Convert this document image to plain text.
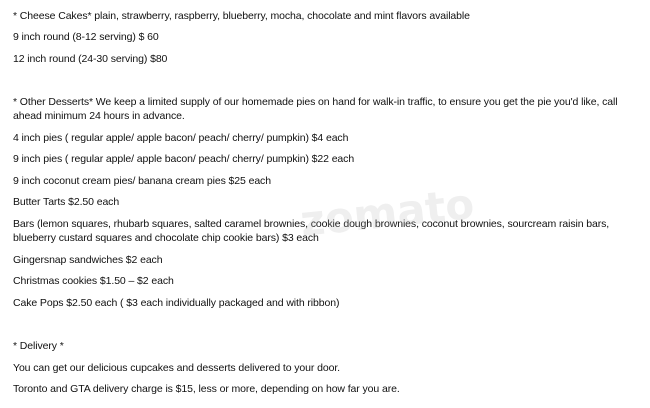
* Cheese Cakes* plain, strawberry, raspberry, blueberry, mocha, chocolate and mint flavors available
9 inch round (8-12 serving) $ 60
12 inch round (24-30 serving) $80
* Other Desserts* We keep a limited supply of our homemade pies on hand for walk-in traffic, to ensure you get the pie you'd like, call ahead minimum 24 hours in advance.
4 inch pies ( regular apple/ apple bacon/ peach/ cherry/ pumpkin) $4 each
9 inch pies ( regular apple/ apple bacon/ peach/ cherry/ pumpkin) $22 each
9 inch coconut cream pies/ banana cream pies $25 each
Butter Tarts $2.50 each
Bars (lemon squares, rhubarb squares, salted caramel brownies, cookie dough brownies, coconut brownies, sourcream raisin bars, blueberry custard squares and chocolate chip cookie bars) $3 each
Gingersnap sandwiches $2 each
Christmas cookies $1.50 – $2 each
Cake Pops $2.50 each ( $3 each individually packaged and with ribbon)
* Delivery *
You can get our delicious cupcakes and desserts delivered to your door.
Toronto and GTA delivery charge is $15, less or more, depending on how far you are.
zomato
